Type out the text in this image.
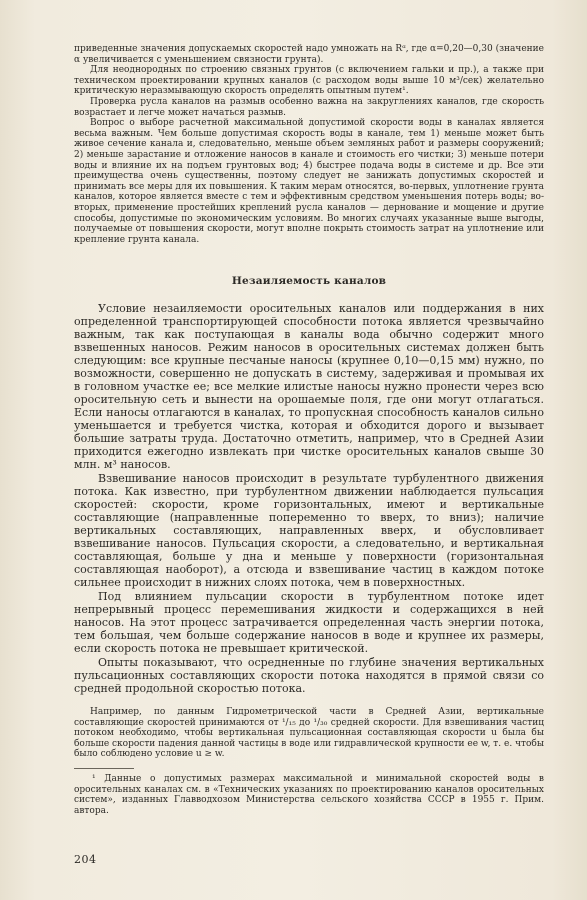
приведенные значения допускаемых скоростей надо умножать на Rᵅ, где α=0,20—0,30 (значение α увеличивается с уменьшением связности грунта).

Для неоднородных по строению связных грунтов (с включением гальки и пр.), а также при техническом проектировании крупных каналов (с расходом воды выше 10 м³/сек) желательно критическую неразмывающую скорость определять опытным путем¹.

Проверка русла каналов на размыв особенно важна на закруглениях каналов, где скорость возрастает и легче может начаться размыв.

Вопрос о выборе расчетной максимальной допустимой скорости воды в каналах является весьма важным. Чем больше допустимая скорость воды в канале, тем 1) меньше может быть живое сечение канала и, следовательно, меньше объем земляных работ и размеры сооружений; 2) меньше зарастание и отложение наносов в канале и стоимость его чистки; 3) меньше потери воды и влияние их на подъем грунтовых вод; 4) быстрее подача воды в системе и др. Все эти преимущества очень существенны, поэтому следует не занижать допустимых скоростей и принимать все меры для их повышения. К таким мерам относятся, во-первых, уплотнение грунта каналов, которое является вместе с тем и эффективным средством уменьшения потерь воды; во-вторых, применение простейших креплений русла каналов — дернование и мощение и другие способы, допустимые по экономическим условиям. Во многих случаях указанные выше выгоды, получаемые от повышения скорости, могут вполне покрыть стоимость затрат на уплотнение или крепление грунта канала.

Незаиляемость каналов

Условие незаиляемости оросительных каналов или поддержания в них определенной транспортирующей способности потока является чрезвычайно важным, так как поступающая в каналы вода обычно содержит много взвешенных наносов. Режим наносов в оросительных системах должен быть следующим: все крупные песчаные наносы (крупнее 0,10—0,15 мм) нужно, по возможности, совершенно не допускать в систему, задерживая и промывая их в головном участке ее; все мелкие илистые наносы нужно пронести через всю оросительную сеть и вынести на орошаемые поля, где они могут отлагаться. Если наносы отлагаются в каналах, то пропускная способность каналов сильно уменьшается и требуется чистка, которая и обходится дорого и вызывает большие затраты труда. Достаточно отметить, например, что в Средней Азии приходится ежегодно извлекать при чистке оросительных каналов свыше 30 млн. м³ наносов.

Взвешивание наносов происходит в результате турбулентного движения потока. Как известно, при турбулентном движении наблюдается пульсация скоростей: скорости, кроме горизонтальных, имеют и вертикальные составляющие (направленные попеременно то вверх, то вниз); наличие вертикальных составляющих, направленных вверх, и обусловливает взвешивание наносов. Пульсация скорости, а следовательно, и вертикальная составляющая, больше у дна и меньше у поверхности (горизонтальная составляющая наоборот), а отсюда и взвешивание частиц в каждом потоке сильнее происходит в нижних слоях потока, чем в поверхностных.

Под влиянием пульсации скорости в турбулентном потоке идет непрерывный процесс перемешивания жидкости и содержащихся в ней наносов. На этот процесс затрачивается определенная часть энергии потока, тем большая, чем больше содержание наносов в воде и крупнее их размеры, если скорость потока не превышает критической.

Опыты показывают, что осредненные по глубине значения вертикальных пульсационных составляющих скорости потока находятся в прямой связи со средней продольной скоростью потока.

Например, по данным Гидрометрической части в Средней Азии, вертикальные составляющие скоростей принимаются от ¹/₁₅ до ¹/₃₀ средней скорости. Для взвешивания частиц потоком необходимо, чтобы вертикальная пульсационная составляющая скорости u была бы больше скорости падения данной частицы в воде или гидравлической крупности ее w, т. е. чтобы было соблюдено условие u ≥ w.

¹ Данные о допустимых размерах максимальной и минимальной скоростей воды в оросительных каналах см. в «Технических указаниях по проектированию каналов оросительных систем», изданных Главводхозом Министерства сельского хозяйства СССР в 1955 г. Прим. автора.

204
